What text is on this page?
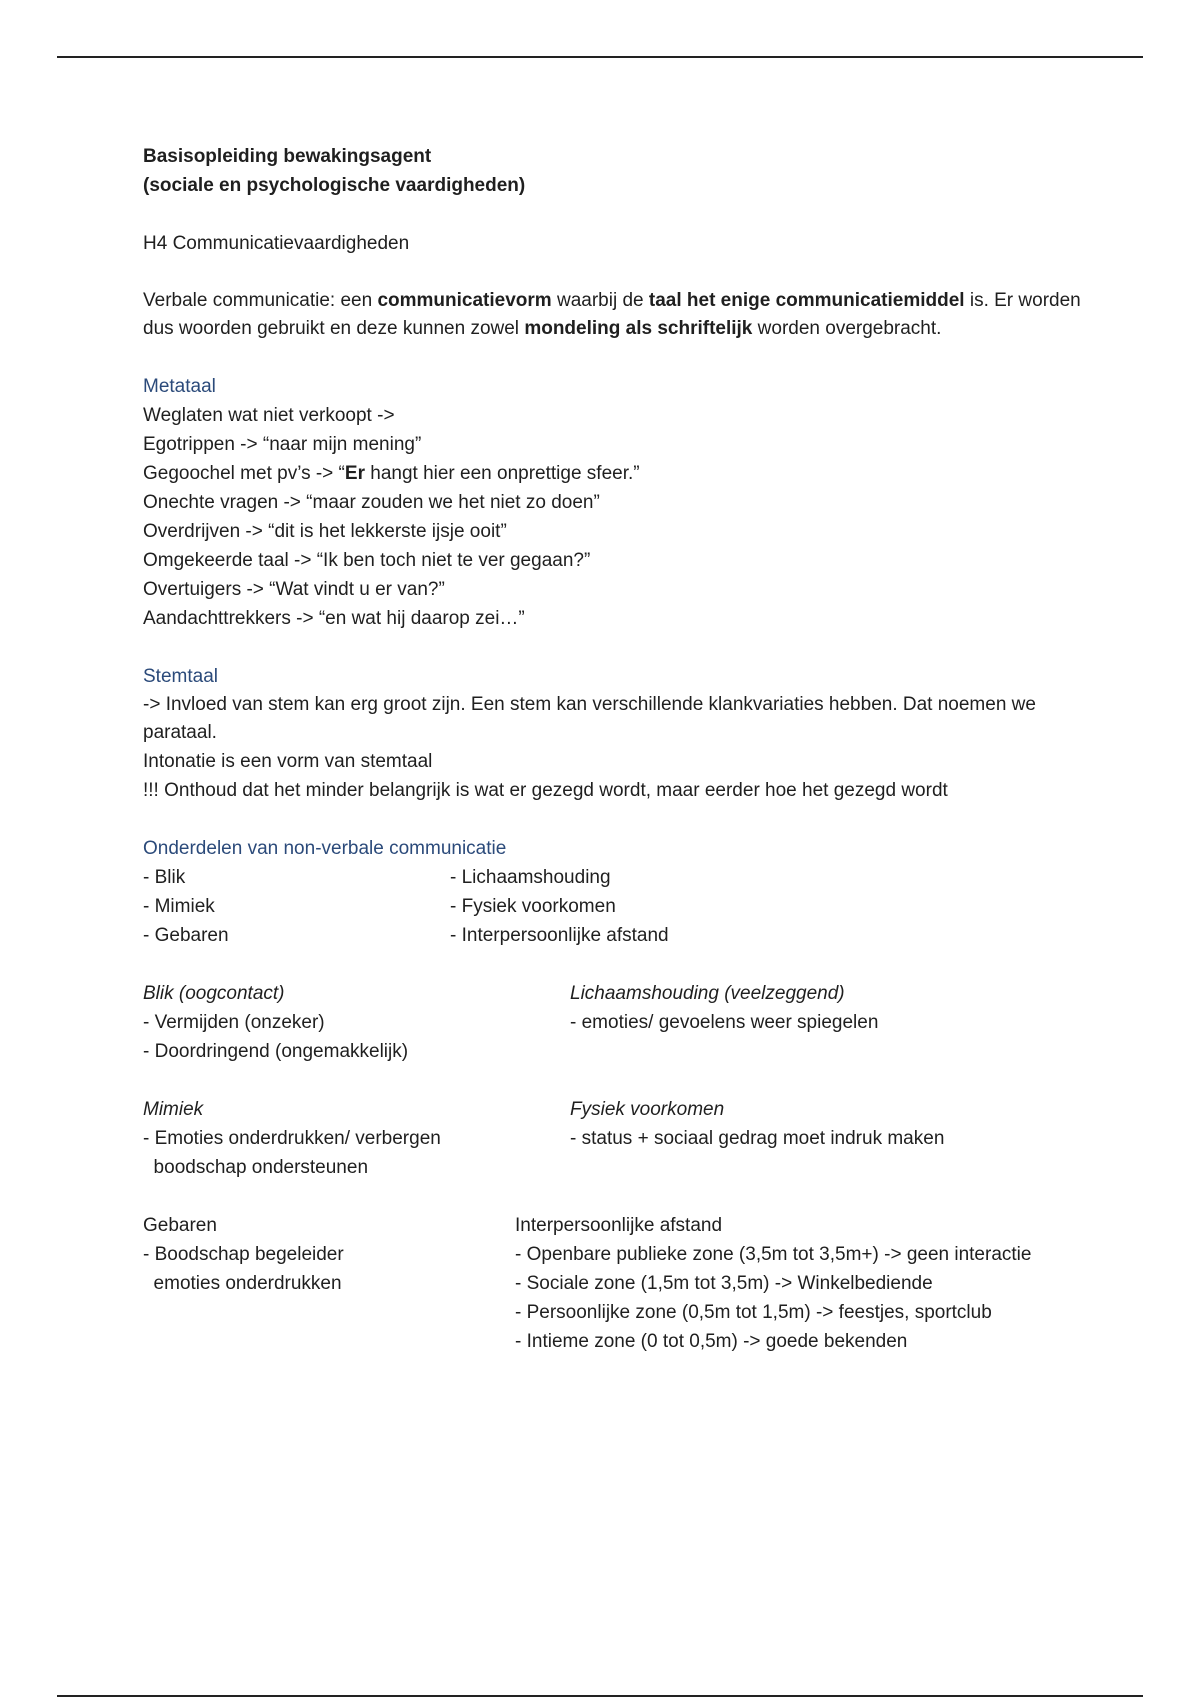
Basisopleiding bewakingsagent
(sociale en psychologische vaardigheden)
H4 Communicatievaardigheden
Verbale communicatie: een communicatievorm waarbij de taal het enige communicatiemiddel is. Er worden dus woorden gebruikt en deze kunnen zowel mondeling als schriftelijk worden overgebracht.
Metataal
Weglaten wat niet verkoopt ->
Egotrippen -> “naar mijn mening”
Gegoochel met pv’s -> “Er hangt hier een onprettige sfeer.”
Onechte vragen -> “maar zouden we het niet zo doen”
Overdrijven -> “dit is het lekkerste ijsje ooit”
Omgekeerde taal -> “Ik ben toch niet te ver gegaan?”
Overtuigers -> “Wat vindt u er van?”
Aandachttrekkers -> “en wat hij daarop zei…”
Stemtaal
-> Invloed van stem kan erg groot zijn. Een stem kan verschillende klankvariaties hebben. Dat noemen we parataal.
Intonatie is een vorm van stemtaal
!!! Onthoud dat het minder belangrijk is wat er gezegd wordt, maar eerder hoe het gezegd wordt
Onderdelen van non-verbale communicatie
- Blik	- Lichaamshouding
- Mimiek	- Fysiek voorkomen
- Gebaren	- Interpersoonlijke afstand
Blik (oogcontact)	Lichaamshouding (veelzeggend)
- Vermijden (onzeker)	- emoties/ gevoelens weer spiegelen
- Doordringend (ongemakkelijk)
Mimiek	Fysiek voorkomen
- Emoties onderdrukken/ verbergen	- status + sociaal gedrag moet indruk maken
boodschap ondersteunen
Gebaren	Interpersoonlijke afstand
- Boodschap begeleider	- Openbare publieke zone (3,5m tot 3,5m+) -> geen interactie
emoties onderdrukken	- Sociale zone (1,5m tot 3,5m) -> Winkelbediende
- Persoonlijke zone (0,5m tot 1,5m) -> feestjes, sportclub
- Intieme zone (0 tot 0,5m) -> goede bekenden
